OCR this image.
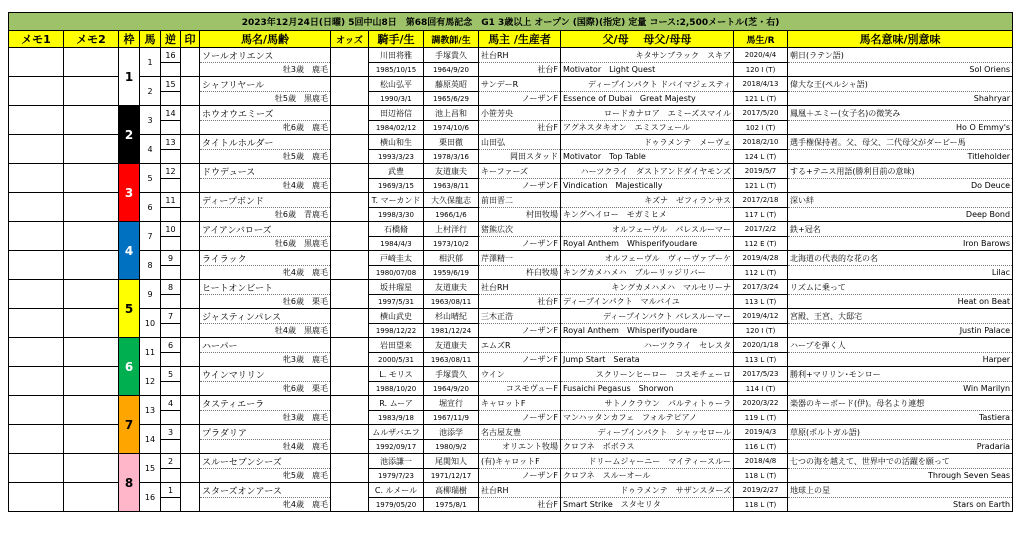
2023年12月24日(日曜) 5回中山8日　第68回有馬記念　G1 3歳以上 オープン (国際)(指定) 定量 コース:2,500メートル(芝・右)													
メモ1	メモ2	枠	馬	逆	印	馬名/馬齢	オッズ	騎手/生	調教師/生	馬主 /生産者	父/母　 母父/母母	馬生/R	馬名意味/別意味
		1	1	16		ソールオリエンス		川田将雅	手塚貴久	社台RH	キタサンブラック　スキア	2020/4/4	朝日(ラテン語)
						牡3歳　鹿毛		1985/10/15	1964/9/20	社台F	Motivator　Light Quest	120 I (T)	Sol Oriens
			2	15		シャフリヤール		松山弘平	藤原英昭	サンデーR	ディープインパクト ドバイマジェスティ	2018/4/13	偉大な王(ペルシャ語)
						牡5歳　黒鹿毛		1990/3/1	1965/6/29	ノーザンF	Essence of Dubai　Great Majesty	121 L (T)	Shahryar
		2	3	14		ホウオウエミーズ		田辺裕信	池上昌和	小笹芳央	ロードカナロア　エミーズスマイル	2017/5/20	鳳凰＋エミー(女子名)の微笑み
						牝6歳　鹿毛		1984/02/12	1974/10/6	社台F	アグネスタキオン　エミスフェール	102 I (T)	Ho O Emmy's
			4	13		タイトルホルダー		横山和生	栗田徹	山田弘	ドゥラメンテ　メーヴェ	2018/2/10	選手権保持者。父、母父、二代母父がダービー馬
						牡5歳　鹿毛		1993/3/23	1978/3/16	岡田スタッド	Motivator　Top Table	124 L (T)	Titleholder
		3	5	12		ドウデュース		武豊	友道康夫	キーファーズ	ハーツクライ　ダストアンドダイヤモンズ	2019/5/7	する+テニス用語(勝利目前の意味)
						牡4歳　鹿毛		1969/3/15	1963/8/11	ノーザンF	Vindication　Majestically	121 L (T)	Do Deuce
			6	11		ディープボンド		T. マーカンド	大久保龍志	前田晋二	キズナ　ゼフィランサス	2017/2/18	深い絆
						牡6歳　青鹿毛		1998/3/30	1966/1/6	村田牧場	キングヘイロー　モガミヒメ	117 L (T)	Deep Bond
		4	7	10		アイアンバローズ		石橋脩	上村洋行	猪熊広次	オルフェーヴル　パレスルーマー	2017/2/2	鉄+冠名
						牡6歳　黒鹿毛		1984/4/3	1973/10/2	ノーザンF	Royal Anthem　Whisperifyoudare	112 E (T)	Iron Barows
			8	9		ライラック		戸崎圭太	相沢郁	芹澤精一	オルフェーヴル　ヴィーヴァブーケ	2019/4/28	北海道の代表的な花の名
						牝4歳　鹿毛		1980/07/08	1959/6/19	杵臼牧場	キングカメハメハ　ブルーリッジリバー	112 L (T)	Lilac
		5	9	8		ヒートオンビート		坂井瑠星	友道康夫	社台RH	キングカメハメハ　マルセリーナ	2017/3/24	リズムに乗って
						牡6歳　栗毛		1997/5/31	1963/08/11	社台F	ディープインパクト　マルバイユ	113 L (T)	Heat on Beat
			10	7		ジャスティンパレス		横山武史	杉山晴紀	三木正浩	ディープインパクト パレスルーマー	2019/4/12	宮殿、王宮、大邸宅
						牡4歳　黒鹿毛		1998/12/22	1981/12/24	ノーザンF	Royal Anthem　Whisperifyoudare	120 I (T)	Justin Palace
		6	11	6		ハーパー		岩田望来	友道康夫	エムズR	ハーツクライ　セレスタ	2020/1/18	ハープを弾く人
						牝3歳　鹿毛		2000/5/31	1963/08/11	ノーザンF	Jump Start　Serata	113 L (T)	Harper
			12	5		ウインマリリン		L. モリス	手塚貴久	ウイン	スクリーンヒーロー　コスモチェーロ	2017/5/23	勝利+マリリン･モンロー
						牝6歳　栗毛		1988/10/20	1964/9/20	コスモヴューF	Fusaichi Pegasus　Shorwon	114 I (T)	Win Marilyn
		7	13	4		タスティエーラ		R. ムーア	堀宣行	キャロットF	サトノクラウン　パルティトゥーラ	2020/3/22	楽器のキーボード(伊)。母名より連想
						牡3歳　鹿毛		1983/9/18	1967/11/9	ノーザンF	マンハッタンカフェ　フォルテピアノ	119 L (T)	Tastiera
			14	3		プラダリア		ムルザバエフ	池添学	名古屋友豊	ディープインパクト　シャッセロール	2019/4/3	草原(ポルトガル語)
						牡4歳　鹿毛		1992/09/17	1980/9/2	オリエント牧場	クロフネ　ボボラス	116 L (T)	Pradaria
		8	15	2		スルーセブンシーズ		池添謙一	尾関知人	(有)キャロットF	ドリームジャーニー　マイティースルー	2018/4/8	七つの海を越えて、世界中での活躍を願って
						牝5歳　鹿毛		1979/7/23	1971/12/17	ノーザンF	クロフネ　スルーオール	118 L (T)	Through Seven Seas
			16	1		スターズオンアース		C. ルメール	高柳瑞樹	社台RH	ドゥラメンテ　サザンスターズ	2019/2/27	地球上の星
						牝4歳　鹿毛		1979/05/20	1975/8/1	社台F	Smart Strike　スタセリタ	118 L (T)	Stars on Earth
